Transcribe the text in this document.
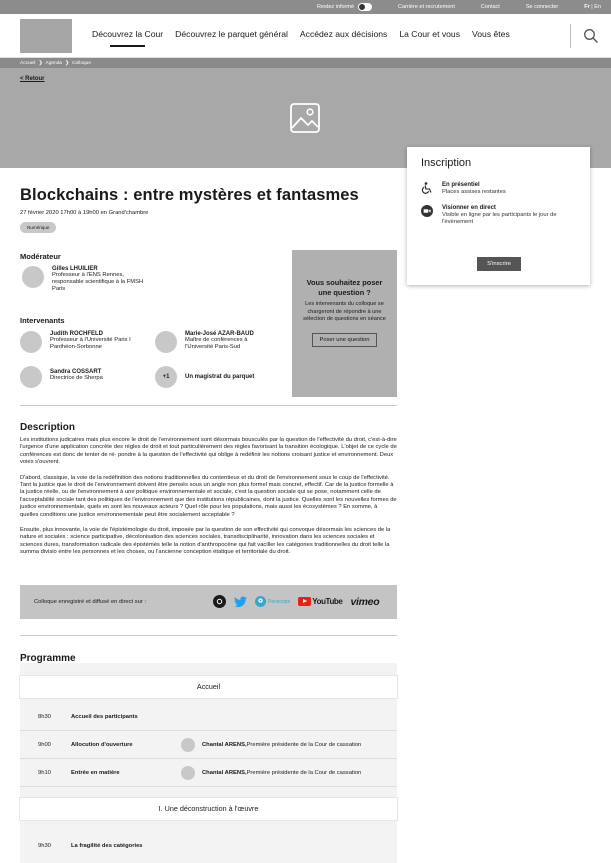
Restez informé	Carrière et recrutement	Contact	Se connecter	Fr
|
En
Découvrez la Cour Découvrez le parquet général Accédez aux décisions La Cour et vous Vous êtes
Accueil ❯ Agenda ❯ Colloque
< Retour
Inscription
En présentiel
Places assises restantes
Visionner en direct
Visible en ligne par les participants le jour de l'évènement
S'inscrire
Blockchains : entre mystères et fantasmes
27 février 2020 17h00 à 19h00 en Grand'chambre
Numérique
Modérateur
Gilles LHUILIER
Professeur à l'ENS Rennes, responsable scientifique à la FMSH Paris
Intervenants
Judith ROCHFELD
Professeur à l'Université Paris I Panthéon-Sorbonne
Marie-José AZAR-BAUD
Maître de conférences à l'Université Paris-Sud
Sandra COSSART
Directrice de Sherpa	+1	Un magistrat du parquet
Vous souhaitez poser une question ?
Les intervenants du colloque se chargeront de répondre à une sélection de questions en séance
Poser une question
Description

Les institutions judicaires mais plus encore le droit de l'environnement sont désormais bousculés par la question de l'effectivité du droit, c'est-à-dire l'urgence d'une application concrète des règles de droit et tout particulièrement des règles favorisant la transition écologique. L'objet de ce cycle de conférences est donc de tenter de ré- pondre à la question de l'effectivité qui oblige à redéfinir les notions croisant justice et environnement. Deux voies s'ouvrent.

D'abord, classique, la voie de la redéfinition des notions traditionnelles du contentieux et du droit de l'environnement sous le coup de l'effectivité. Tant la justice que le droit de l'environnement doivent être pensés sous un angle non plus formel mais concret, effectif. Car de la justice formelle à la justice réelle, ou de l'environnement à une politique environnementale et sociale, c'est la question sociale qui se pose, notamment celle de l'acceptabilité sociale tant des politiques de l'environnement que des institutions républicaines, dont la justice. Quelles sont les nouvelles formes de justice environnementale, quels en sont les nouveaux acteurs ? Quel rôle pour les populations, mais aussi les écosystèmes ? En somme, à quelles conditions une justice environnementale peut être socialement acceptable ?

Ensuite, plus innovante, la voie de l'épistémologie du droit, imposée par la question de son effectivité qui convoque désormais les sciences de la nature et sociales : science participative, décolonisation des sciences sociales, transdisciplinarité, innovation dans les sciences sociales et sciences dures, transformation radicale des épistémès telle la notion d'anthropocène qui fait vaciller les catégories traditionnelles du droit telle la summa divisio entre les personnes et les choses, ou l'ancienne conception étatique et territoriale du droit.

Colloque enregistré et diffusé en direct sur :	Periscope	YouTube vimeo
Programme
Accueil
8h30	Accueil des participants
9h00	Allocution d'ouverture	Chantal ARENS, Première présidente de la Cour de cassation
9h10	Entrée en matière	Chantal ARENS, Première présidente de la Cour de cassation
I. Une déconstruction à l'œuvre
9h30	La fragilité des catégories
